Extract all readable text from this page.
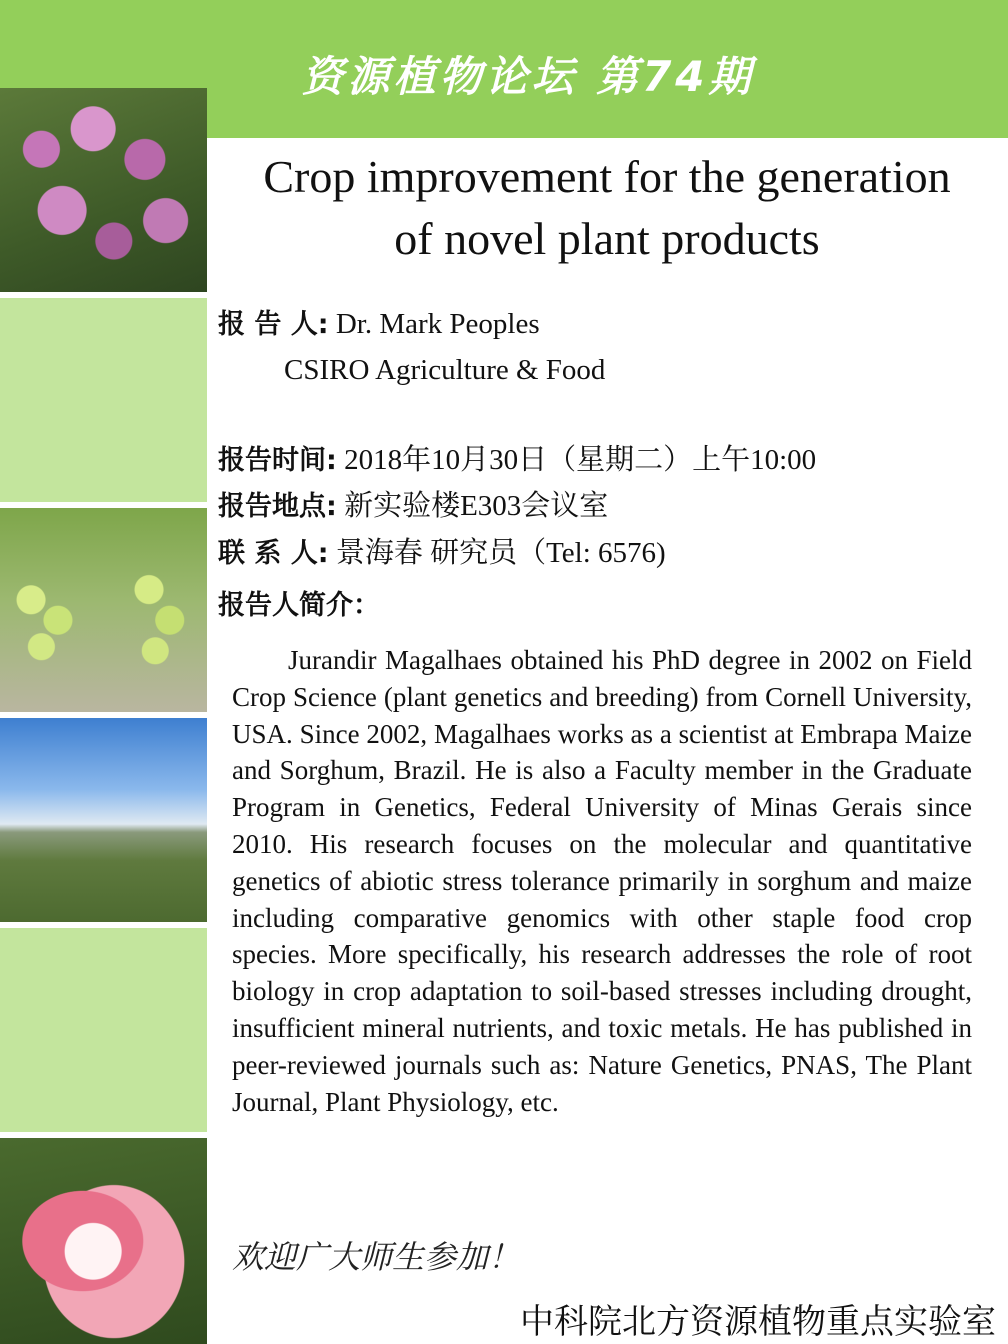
资源植物论坛 第74期
Crop improvement for the generation
of novel plant products
报 告 人: Dr. Mark Peoples
CSIRO Agriculture & Food
报告时间: 2018年10月30日（星期二）上午10:00
报告地点: 新实验楼E303会议室
联 系 人: 景海春 研究员（Tel: 6576)
报告人简介：
Jurandir Magalhaes obtained his PhD degree in 2002 on Field Crop Science (plant genetics and breeding) from Cornell University, USA. Since 2002, Magalhaes works as a scientist at Embrapa Maize and Sorghum, Brazil. He is also a Faculty member in the Graduate Program in Genetics, Federal University of Minas Gerais since 2010. His research focuses on the molecular and quantitative genetics of abiotic stress tolerance primarily in sorghum and maize including comparative genomics with other staple food crop species. More specifically, his research addresses the role of root biology in crop adaptation to soil-based stresses including drought, insufficient mineral nutrients, and toxic metals. He has published in peer-reviewed journals such as: Nature Genetics, PNAS, The Plant Journal, Plant Physiology, etc.
欢迎广大师生参加！
中科院北方资源植物重点实验室
